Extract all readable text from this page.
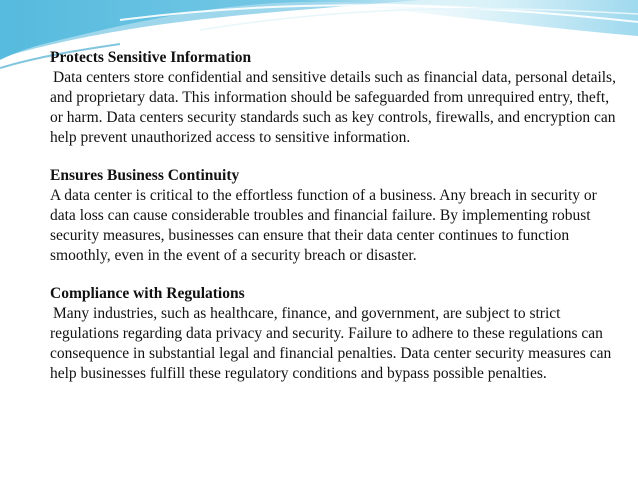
Protects Sensitive Information

Data centers store confidential and sensitive details such as financial data, personal details, and proprietary data. This information should be safeguarded from unrequired entry, theft, or harm. Data centers security standards such as key controls, firewalls, and encryption can help prevent unauthorized access to sensitive information.

Ensures Business Continuity

A data center is critical to the effortless function of a business. Any breach in security or data loss can cause considerable troubles and financial failure. By implementing robust security measures, businesses can ensure that their data center continues to function smoothly, even in the event of a security breach or disaster.

Compliance with Regulations

Many industries, such as healthcare, finance, and government, are subject to strict regulations regarding data privacy and security. Failure to adhere to these regulations can consequence in substantial legal and financial penalties. Data center security measures can help businesses fulfill these regulatory conditions and bypass possible penalties.
